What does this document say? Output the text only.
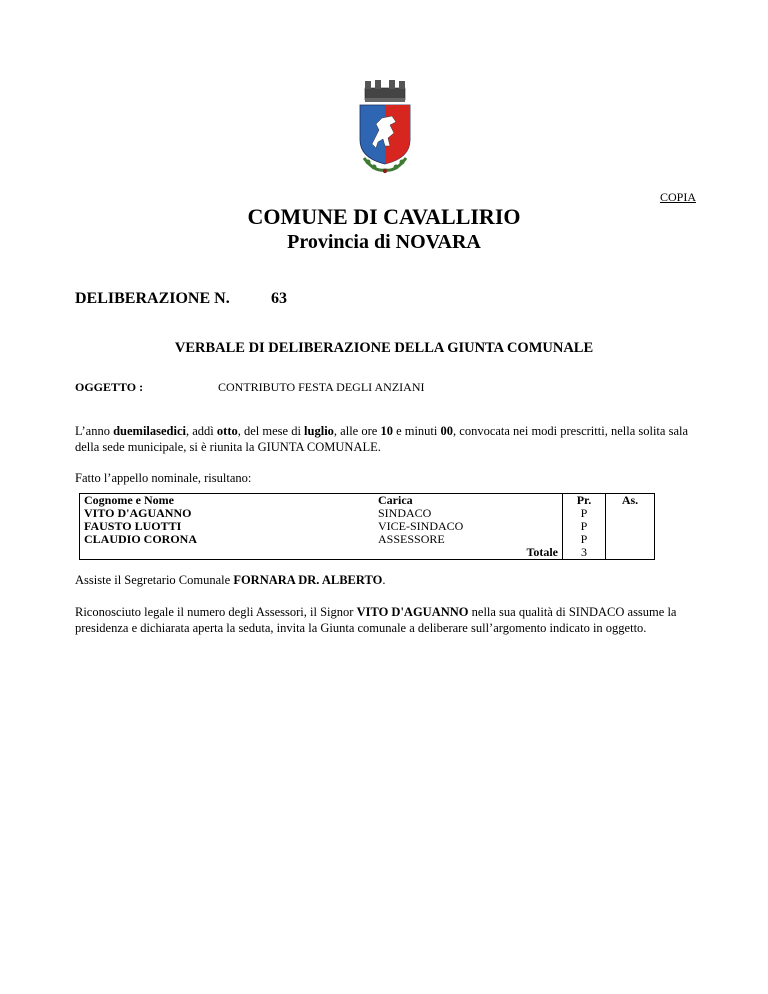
COPIA
COMUNE DI CAVALLIRIO
Provincia di NOVARA
DELIBERAZIONE N.	63
VERBALE DI DELIBERAZIONE DELLA GIUNTA COMUNALE
OGGETTO :	CONTRIBUTO FESTA DEGLI ANZIANI
L’anno duemilasedici, addì otto, del mese di luglio, alle ore 10 e minuti 00, convocata nei modi prescritti, nella solita sala della sede municipale, si è riunita la GIUNTA COMUNALE.
Fatto l’appello nominale, risultano:
Cognome e Nome	Carica	Pr.	As.
VITO D'AGUANNO	SINDACO	P	
FAUSTO LUOTTI	VICE-SINDACO	P	
CLAUDIO CORONA	ASSESSORE	P	
	Totale	3	
Assiste il Segretario Comunale FORNARA DR. ALBERTO.
Riconosciuto legale il numero degli Assessori, il Signor VITO D'AGUANNO nella sua qualità di SINDACO assume la presidenza e dichiarata aperta la seduta, invita la Giunta comunale a deliberare sull’argomento indicato in oggetto.
